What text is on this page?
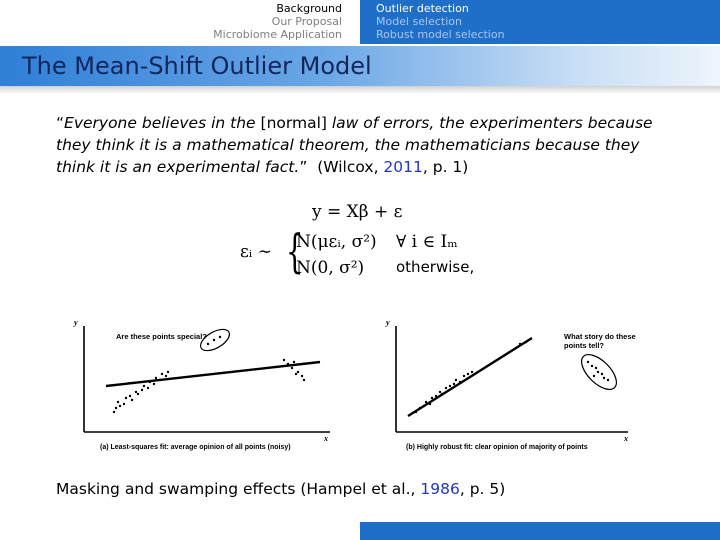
Background
Our Proposal
Microbiome Application
Outlier detection
Model selection
Robust model selection
The Mean-Shift Outlier Model
“Everyone believes in the [normal] law of errors, the experimenters because
they think it is a mathematical theorem, the mathematicians because they
think it is an experimental fact.” (Wilcox, 2011, p. 1)
y = Xβ + ε
εᵢ ∼ {
N(μεᵢ, σ²) ∀ i ∈ Iₘ
N(0, σ²) otherwise,
y
x
Are these points special?
(a) Least-squares fit: average opinion of all points (noisy)
y
x
What story do these
points tell?
(b) Highly robust fit: clear opinion of majority of points
Masking and swamping effects (Hampel et al., 1986, p. 5)
